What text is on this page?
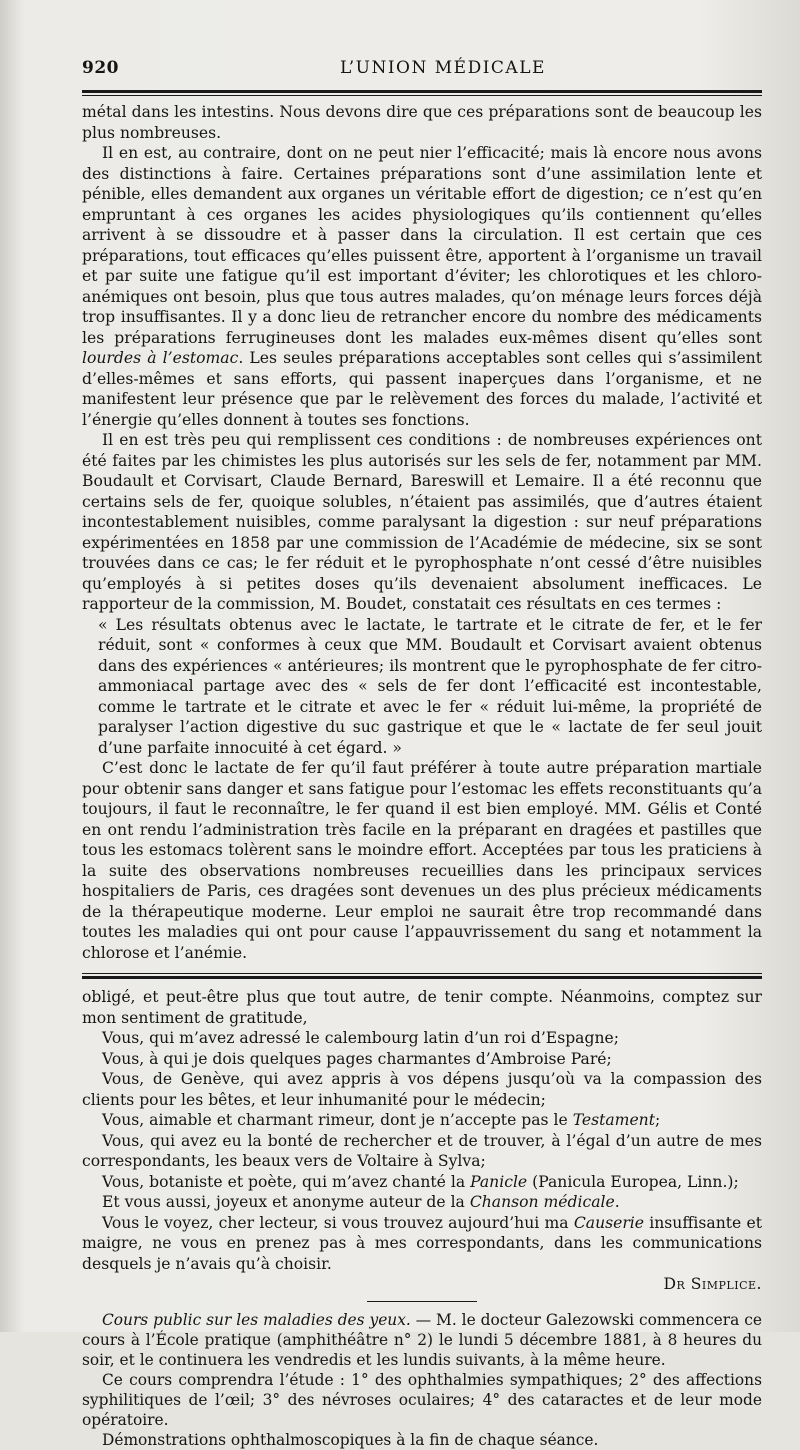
920	L’UNION MÉDICALE

métal dans les intestins. Nous devons dire que ces préparations sont de beaucoup les plus nombreuses.

Il en est, au contraire, dont on ne peut nier l’efficacité; mais là encore nous avons des distinctions à faire. Certaines préparations sont d’une assimilation lente et pénible, elles demandent aux organes un véritable effort de digestion; ce n’est qu’en empruntant à ces organes les acides physiologiques qu’ils contiennent qu’elles arrivent à se dissoudre et à passer dans la circulation. Il est certain que ces préparations, tout efficaces qu’elles puissent être, apportent à l’organisme un travail et par suite une fatigue qu’il est important d’éviter; les chlorotiques et les chloro-anémiques ont besoin, plus que tous autres malades, qu’on ménage leurs forces déjà trop insuffisantes. Il y a donc lieu de retrancher encore du nombre des médicaments les préparations ferrugineuses dont les malades eux-mêmes disent qu’elles sont lourdes à l’estomac. Les seules préparations acceptables sont celles qui s’assimilent d’elles-mêmes et sans efforts, qui passent inaperçues dans l’organisme, et ne manifestent leur présence que par le relèvement des forces du malade, l’activité et l’énergie qu’elles donnent à toutes ses fonctions.

Il en est très peu qui remplissent ces conditions : de nombreuses expériences ont été faites par les chimistes les plus autorisés sur les sels de fer, notamment par MM. Boudault et Corvisart, Claude Bernard, Bareswill et Lemaire. Il a été reconnu que certains sels de fer, quoique solubles, n’étaient pas assimilés, que d’autres étaient incontestablement nuisibles, comme paralysant la digestion : sur neuf préparations expérimentées en 1858 par une commission de l’Académie de médecine, six se sont trouvées dans ce cas; le fer réduit et le pyrophosphate n’ont cessé d’être nuisibles qu’employés à si petites doses qu’ils devenaient absolument inefficaces. Le rapporteur de la commission, M. Boudet, constatait ces résultats en ces termes :

« Les résultats obtenus avec le lactate, le tartrate et le citrate de fer, et le fer réduit, sont « conformes à ceux que MM. Boudault et Corvisart avaient obtenus dans des expériences « antérieures; ils montrent que le pyrophosphate de fer citro-ammoniacal partage avec des « sels de fer dont l’efficacité est incontestable, comme le tartrate et le citrate et avec le fer « réduit lui-même, la propriété de paralyser l’action digestive du suc gastrique et que le « lactate de fer seul jouit d’une parfaite innocuité à cet égard. »

C’est donc le lactate de fer qu’il faut préférer à toute autre préparation martiale pour obtenir sans danger et sans fatigue pour l’estomac les effets reconstituants qu’a toujours, il faut le reconnaître, le fer quand il est bien employé. MM. Gélis et Conté en ont rendu l’administration très facile en la préparant en dragées et pastilles que tous les estomacs tolèrent sans le moindre effort. Acceptées par tous les praticiens à la suite des observations nombreuses recueillies dans les principaux services hospitaliers de Paris, ces dragées sont devenues un des plus précieux médicaments de la thérapeutique moderne. Leur emploi ne saurait être trop recommandé dans toutes les maladies qui ont pour cause l’appauvrissement du sang et notamment la chlorose et l’anémie.

obligé, et peut-être plus que tout autre, de tenir compte. Néanmoins, comptez sur mon sentiment de gratitude,

Vous, qui m’avez adressé le calembourg latin d’un roi d’Espagne;

Vous, à qui je dois quelques pages charmantes d’Ambroise Paré;

Vous, de Genève, qui avez appris à vos dépens jusqu’où va la compassion des clients pour les bêtes, et leur inhumanité pour le médecin;

Vous, aimable et charmant rimeur, dont je n’accepte pas le Testament;

Vous, qui avez eu la bonté de rechercher et de trouver, à l’égal d’un autre de mes correspondants, les beaux vers de Voltaire à Sylva;

Vous, botaniste et poète, qui m’avez chanté la Panicle (Panicula Europea, Linn.);

Et vous aussi, joyeux et anonyme auteur de la Chanson médicale.

Vous le voyez, cher lecteur, si vous trouvez aujourd’hui ma Causerie insuffisante et maigre, ne vous en prenez pas à mes correspondants, dans les communications desquels je n’avais qu’à choisir.

Dr Simplice.

Cours public sur les maladies des yeux. — M. le docteur Galezowski commencera ce cours à l’École pratique (amphithéâtre n° 2) le lundi 5 décembre 1881, à 8 heures du soir, et le continuera les vendredis et les lundis suivants, à la même heure.

Ce cours comprendra l’étude : 1° des ophthalmies sympathiques; 2° des affections syphilitiques de l’œil; 3° des névroses oculaires; 4° des cataractes et de leur mode opératoire.

Démonstrations ophthalmoscopiques à la fin de chaque séance.
